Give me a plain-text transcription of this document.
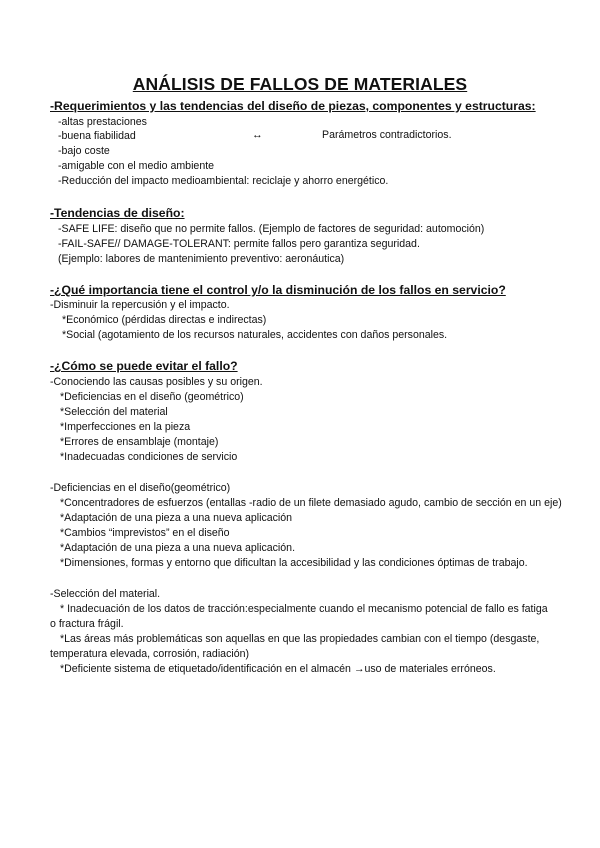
ANÁLISIS DE FALLOS DE MATERIALES
-Requerimientos y las tendencias del diseño de piezas, componentes y estructuras:
-altas prestaciones
-buena fiabilidad	↔	Parámetros contradictorios.
-bajo coste
-amigable con el medio ambiente
-Reducción del impacto medioambiental: reciclaje y ahorro energético.
-Tendencias de diseño:
-SAFE LIFE: diseño que no permite fallos. (Ejemplo de factores de seguridad: automoción)
-FAIL-SAFE// DAMAGE-TOLERANT: permite fallos pero garantiza seguridad.
(Ejemplo: labores de mantenimiento preventivo: aeronáutica)
-¿Qué importancia tiene el control y/o la disminución de los fallos en servicio?
-Disminuir la repercusión y el impacto.
*Económico (pérdidas directas e indirectas)
*Social (agotamiento de los recursos naturales, accidentes con daños personales.
-¿Cómo se puede evitar el fallo?
-Conociendo las causas posibles y su origen.
*Deficiencias en el diseño (geométrico)
*Selección del material
*Imperfecciones en la pieza
*Errores de ensamblaje (montaje)
*Inadecuadas condiciones de servicio
-Deficiencias en el diseño(geométrico)
*Concentradores de esfuerzos (entallas -radio de un filete demasiado agudo, cambio de sección en un eje)
*Adaptación de una pieza a una nueva aplicación
*Cambios “imprevistos” en el diseño
*Adaptación de una pieza a una nueva aplicación.
*Dimensiones, formas y entorno que dificultan la accesibilidad y las condiciones óptimas de trabajo.
-Selección del material.
* Inadecuación de los datos de tracción:especialmente cuando el mecanismo potencial de fallo es fatiga
o fractura frágil.
*Las áreas más problemáticas son aquellas en que las propiedades cambian con el tiempo (desgaste,
temperatura elevada, corrosión, radiación)
*Deficiente sistema de etiquetado/identificación en el almacén →uso de materiales erróneos.
